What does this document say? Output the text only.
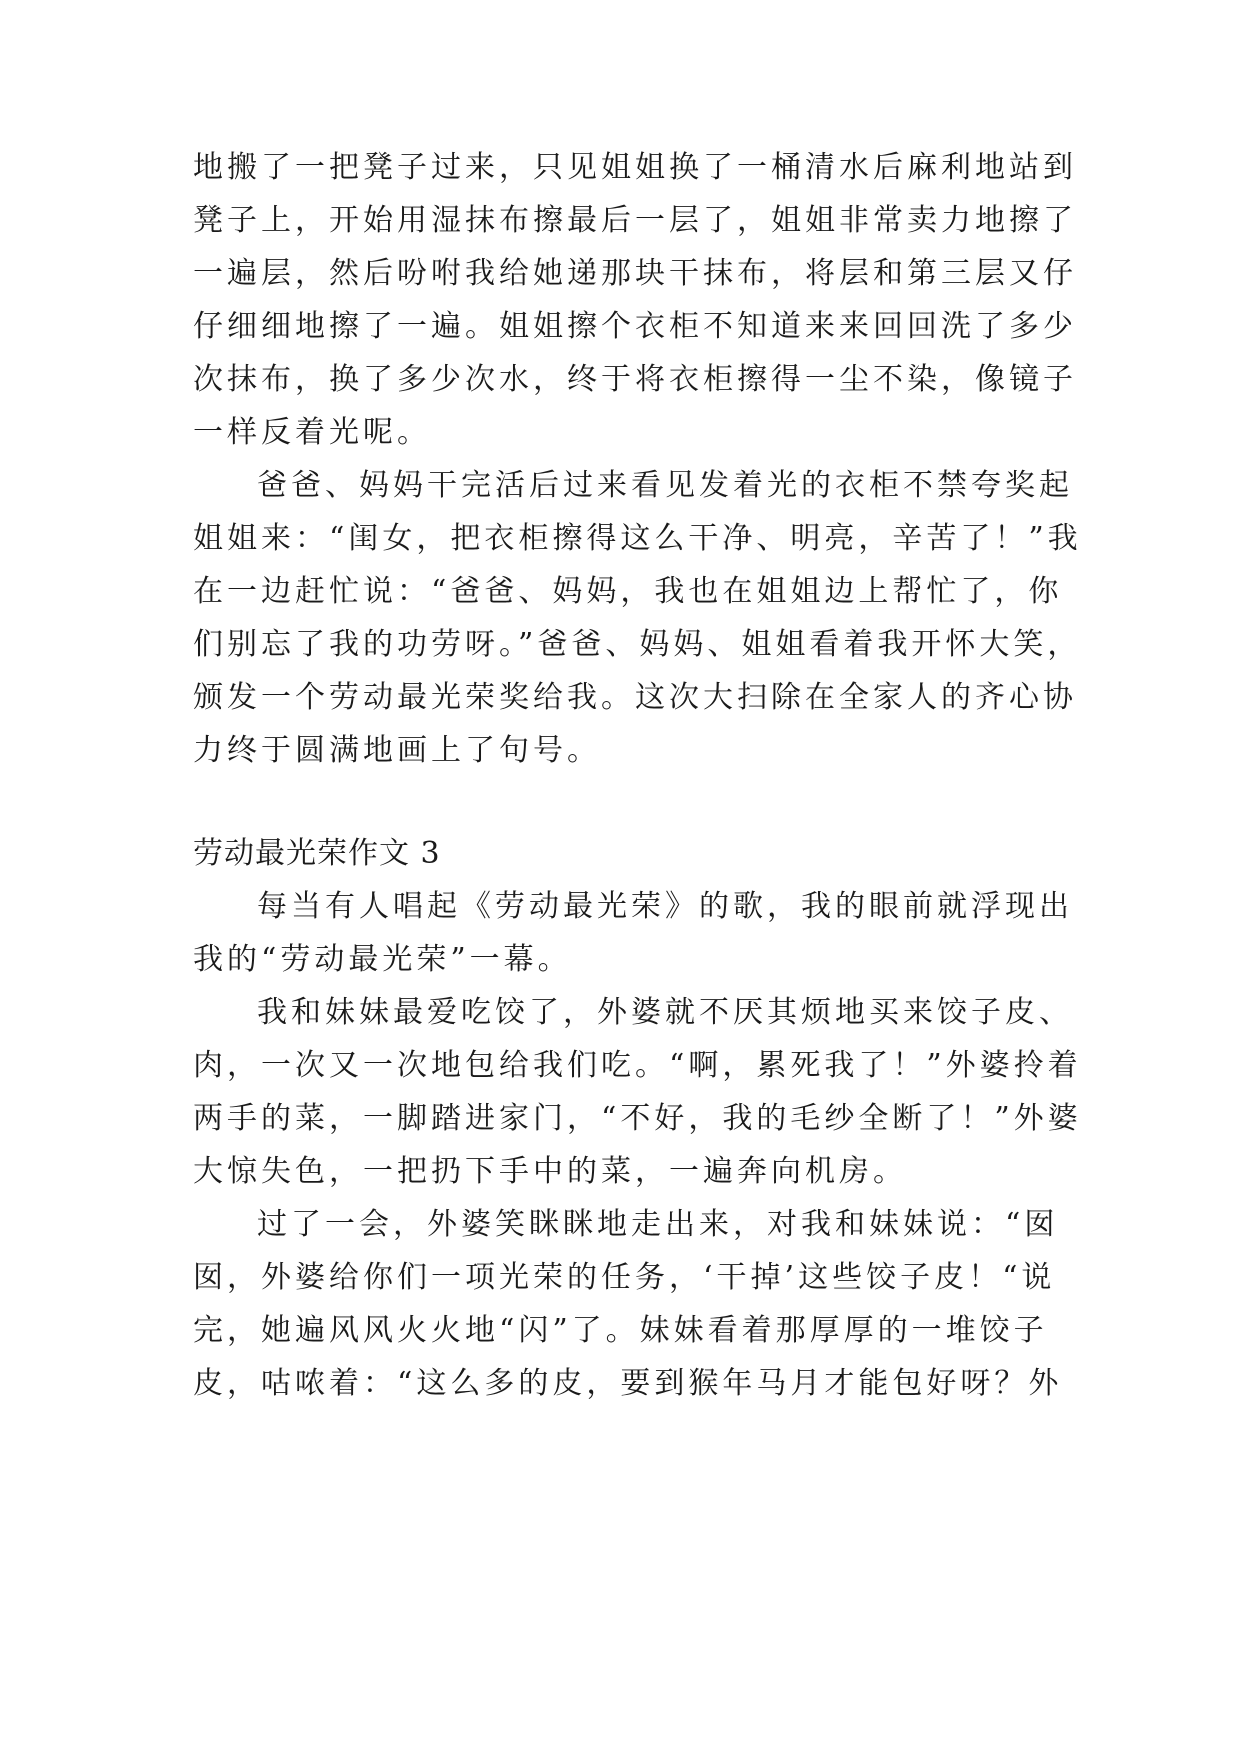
地搬了一把凳子过来，只见姐姐换了一桶清水后麻利地站到

凳子上，开始用湿抹布擦最后一层了，姐姐非常卖力地擦了

一遍层，然后吩咐我给她递那块干抹布，将层和第三层又仔

仔细细地擦了一遍。姐姐擦个衣柜不知道来来回回洗了多少

次抹布，换了多少次水，终于将衣柜擦得一尘不染，像镜子

一样反着光呢。

爸爸、妈妈干完活后过来看见发着光的衣柜不禁夸奖起

姐姐来：“闺女，把衣柜擦得这么干净、明亮，辛苦了！”我

在一边赶忙说：“爸爸、妈妈，我也在姐姐边上帮忙了，你

们别忘了我的功劳呀。”爸爸、妈妈、姐姐看着我开怀大笑，

颁发一个劳动最光荣奖给我。这次大扫除在全家人的齐心协

力终于圆满地画上了句号。

劳动最光荣作文 3

每当有人唱起《劳动最光荣》的歌，我的眼前就浮现出

我的“劳动最光荣”一幕。

我和妹妹最爱吃饺了，外婆就不厌其烦地买来饺子皮、

肉，一次又一次地包给我们吃。“啊，累死我了！”外婆拎着

两手的菜，一脚踏进家门，“不好，我的毛纱全断了！”外婆

大惊失色，一把扔下手中的菜，一遍奔向机房。

过了一会，外婆笑眯眯地走出来，对我和妹妹说：“囡

囡，外婆给你们一项光荣的任务，‘干掉’这些饺子皮！“说

完，她遍风风火火地“闪”了。妹妹看着那厚厚的一堆饺子

皮，咕哝着：“这么多的皮，要到猴年马月才能包好呀？外
